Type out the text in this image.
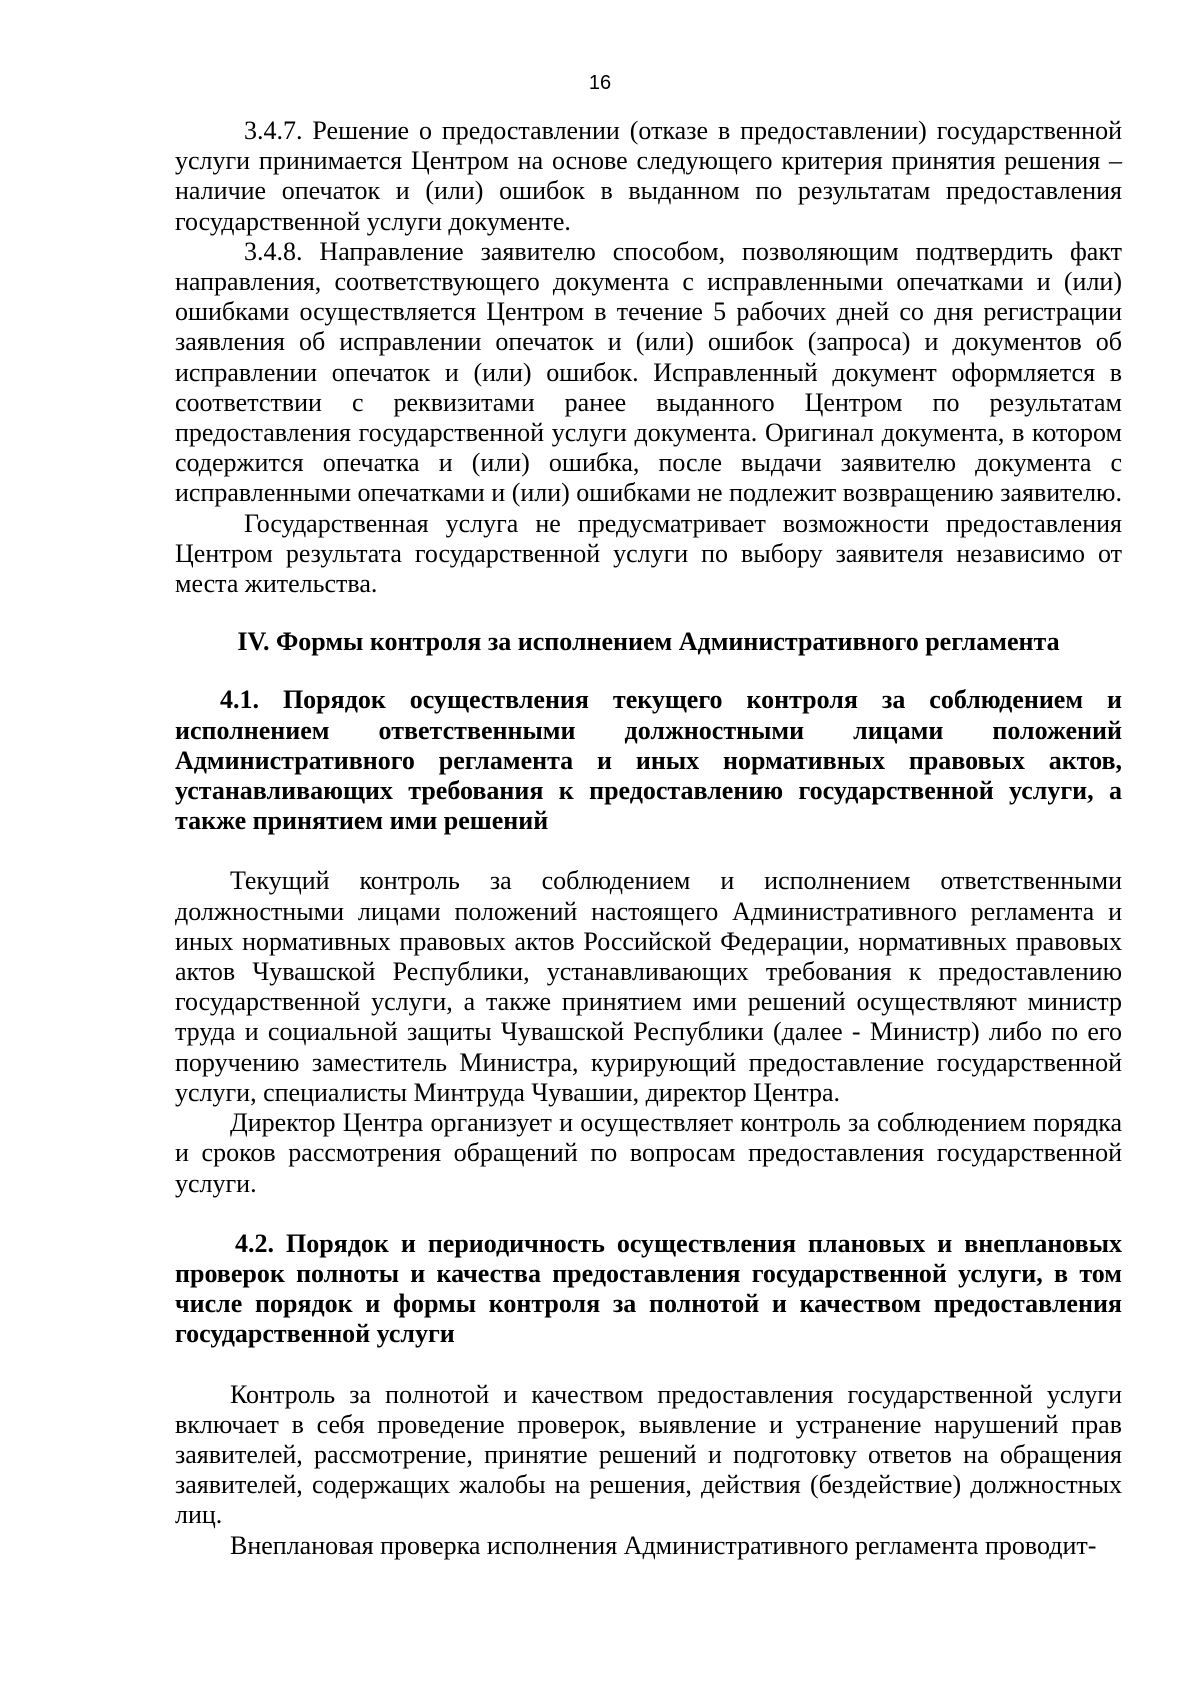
16

3.4.7. Решение о предоставлении (отказе в предоставлении) государственной услуги принимается Центром на основе следующего критерия принятия решения – наличие опечаток и (или) ошибок в выданном по результатам предоставления государственной услуги документе.

3.4.8. Направление заявителю способом, позволяющим подтвердить факт направления, соответствующего документа с исправленными опечатками и (или) ошибками осуществляется Центром в течение 5 рабочих дней со дня регистрации заявления об исправлении опечаток и (или) ошибок (запроса) и документов об исправлении опечаток и (или) ошибок. Исправленный документ оформляется в соответствии с реквизитами ранее выданного Центром по результатам предоставления государственной услуги документа. Оригинал документа, в котором содержится опечатка и (или) ошибка, после выдачи заявителю документа с исправленными опечатками и (или) ошибками не подлежит возвращению заявителю.

Государственная услуга не предусматривает возможности предоставления Центром результата государственной услуги по выбору заявителя независимо от места жительства.

IV. Формы контроля за исполнением Административного регламента

4.1. Порядок осуществления текущего контроля за соблюдением и исполнением ответственными должностными лицами положений Административного регламента и иных нормативных правовых актов, устанавливающих требования к предоставлению государственной услуги, а также принятием ими решений

Текущий контроль за соблюдением и исполнением ответственными должностными лицами положений настоящего Административного регламента и иных нормативных правовых актов Российской Федерации, нормативных правовых актов Чувашской Республики, устанавливающих требования к предоставлению государственной услуги, а также принятием ими решений осуществляют министр труда и социальной защиты Чувашской Республики (далее - Министр) либо по его поручению заместитель Министра, курирующий предоставление государственной услуги, специалисты Минтруда Чувашии, директор Центра.

Директор Центра организует и осуществляет контроль за соблюдением порядка и сроков рассмотрения обращений по вопросам предоставления государственной услуги.

4.2. Порядок и периодичность осуществления плановых и внеплановых проверок полноты и качества предоставления государственной услуги, в том числе порядок и формы контроля за полнотой и качеством предоставления государственной услуги

Контроль за полнотой и качеством предоставления государственной услуги включает в себя проведение проверок, выявление и устранение нарушений прав заявителей, рассмотрение, принятие решений и подготовку ответов на обращения заявителей, содержащих жалобы на решения, действия (бездействие) должностных лиц.

Внеплановая проверка исполнения Административного регламента проводит-
